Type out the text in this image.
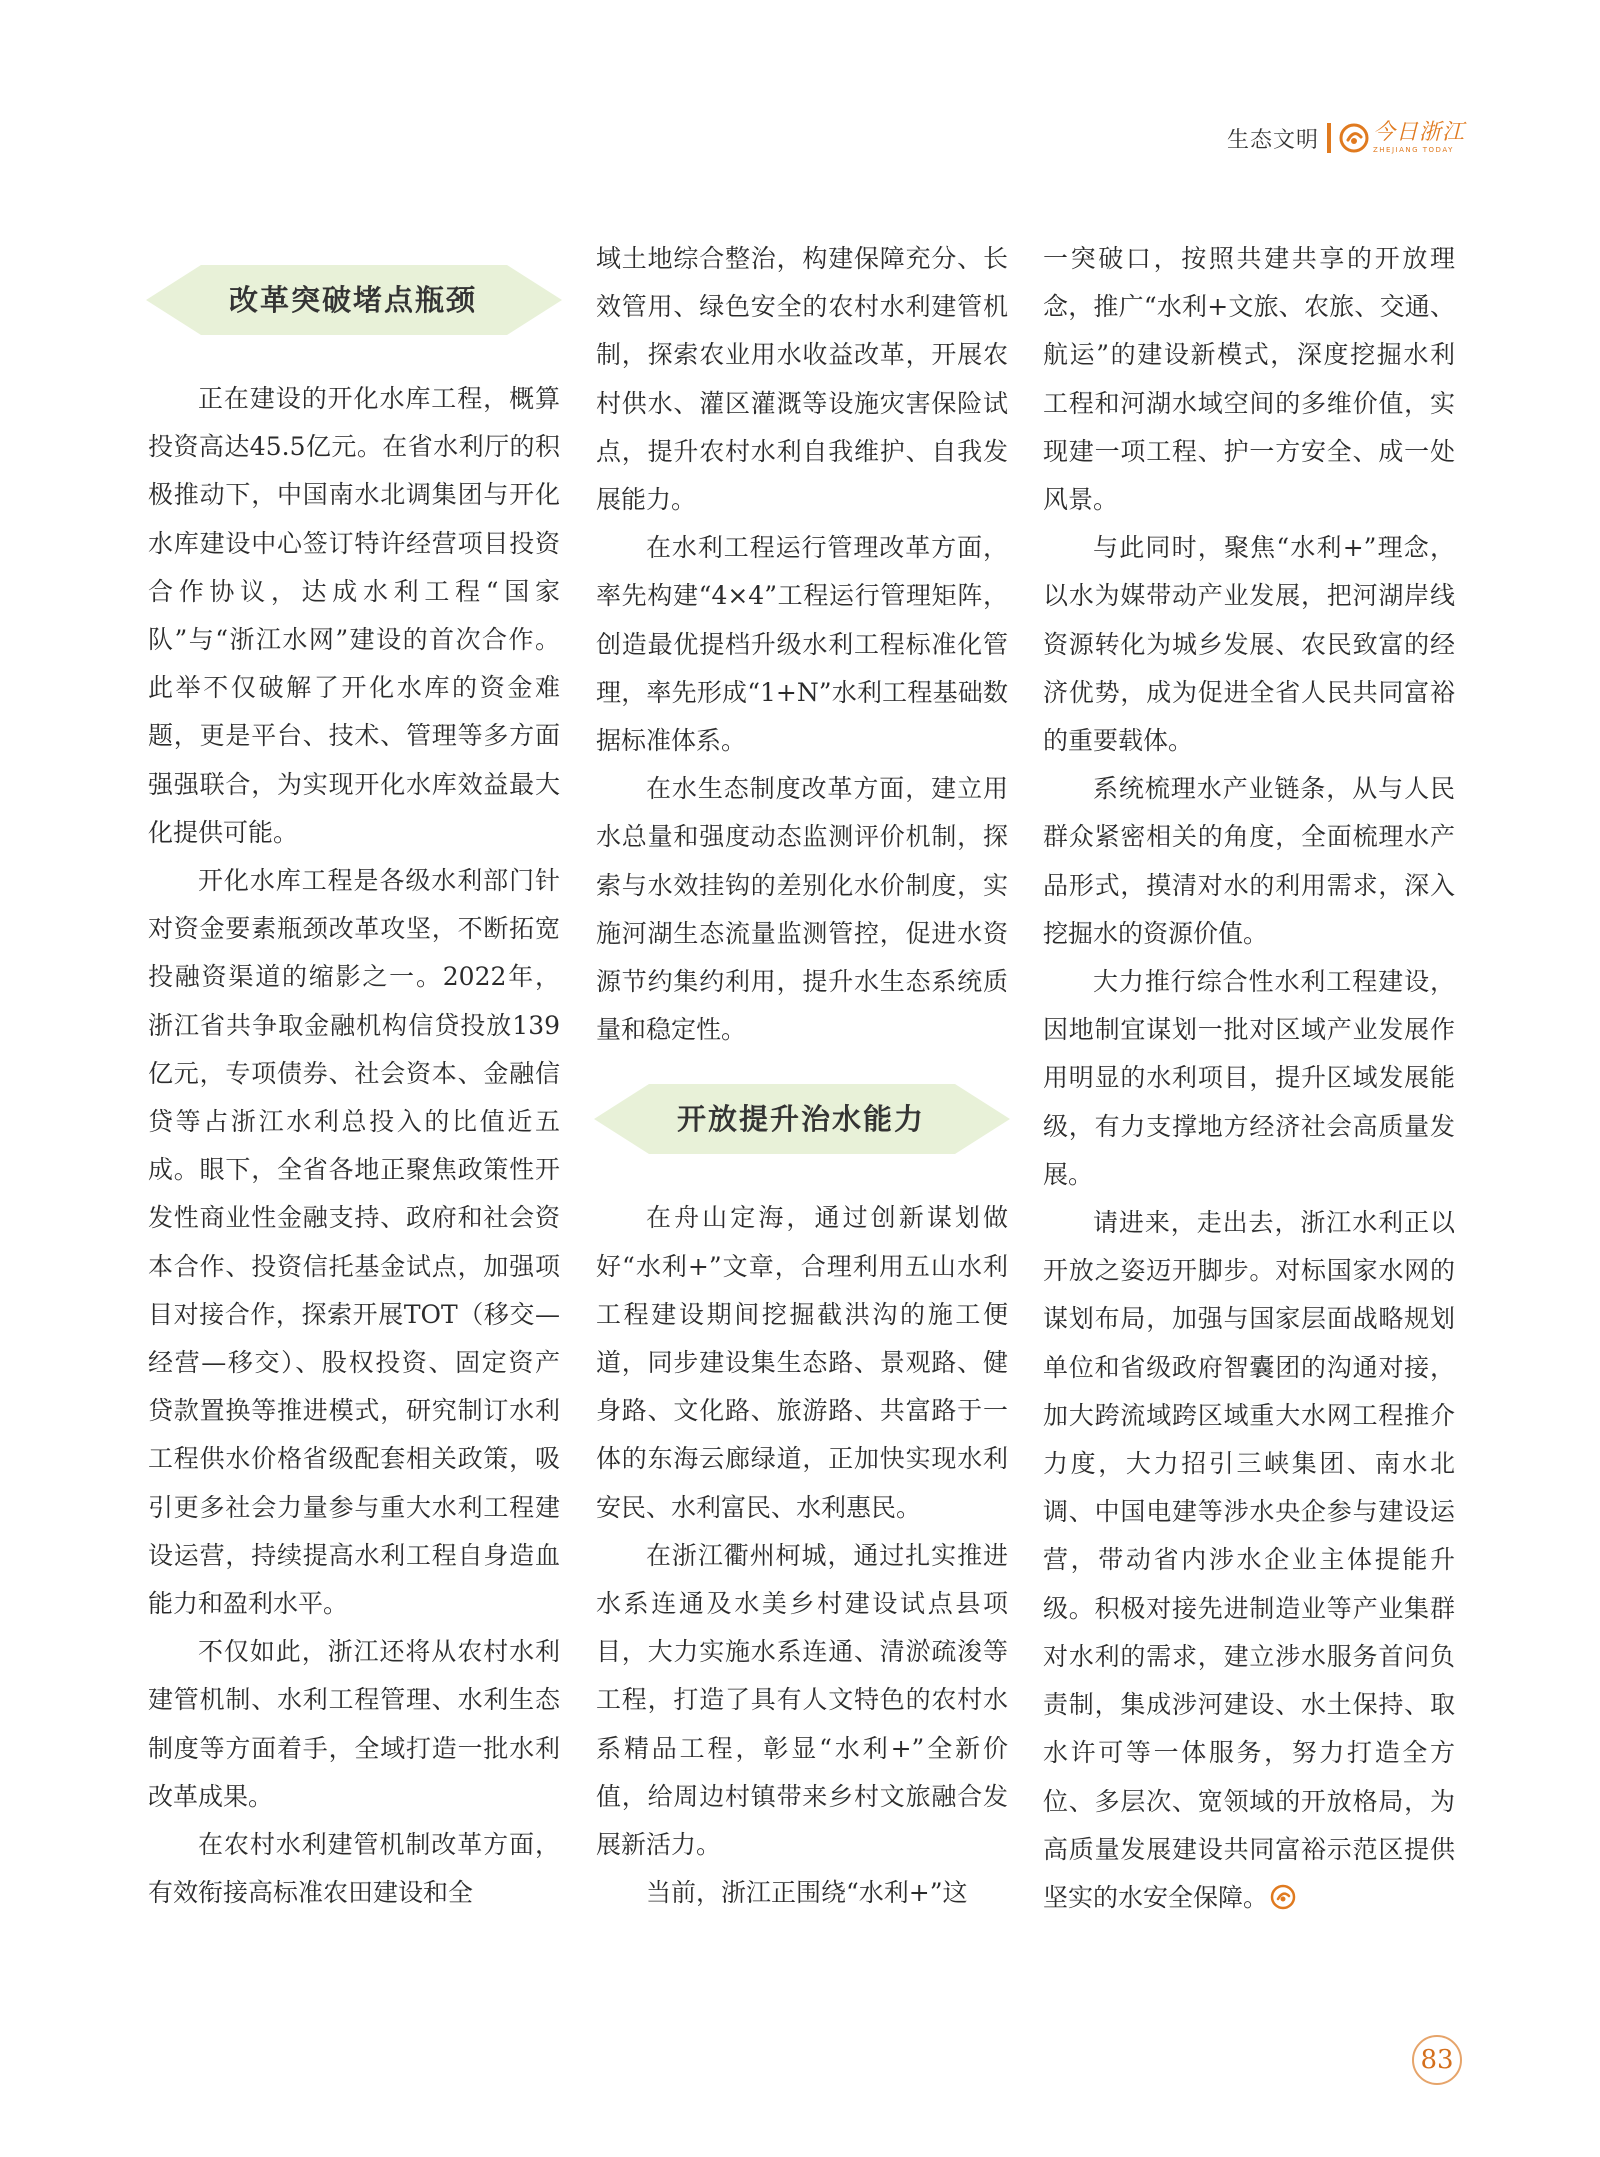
生态文明 今日浙江
ZHEJIANG TODAY
改革突破堵点瓶颈

正在建设的开化水库工程，概算投资高达45.5亿元。在省水利厅的积极推动下，中国南水北调集团与开化水库建设中心签订特许经营项目投资合作协议，达成水利工程“国家队”与“浙江水网”建设的首次合作。此举不仅破解了开化水库的资金难题，更是平台、技术、管理等多方面强强联合，为实现开化水库效益最大化提供可能。

开化水库工程是各级水利部门针对资金要素瓶颈改革攻坚，不断拓宽投融资渠道的缩影之一。2022年，浙江省共争取金融机构信贷投放139亿元，专项债券、社会资本、金融信贷等占浙江水利总投入的比值近五成。眼下，全省各地正聚焦政策性开发性商业性金融支持、政府和社会资本合作、投资信托基金试点，加强项目对接合作，探索开展TOT（移交—经营—移交）、股权投资、固定资产贷款置换等推进模式，研究制订水利工程供水价格省级配套相关政策，吸引更多社会力量参与重大水利工程建设运营，持续提高水利工程自身造血能力和盈利水平。

不仅如此，浙江还将从农村水利建管机制、水利工程管理、水利生态制度等方面着手，全域打造一批水利改革成果。

在农村水利建管机制改革方面，有效衔接高标准农田建设和全

域土地综合整治，构建保障充分、长效管用、绿色安全的农村水利建管机制，探索农业用水收益改革，开展农村供水、灌区灌溉等设施灾害保险试点，提升农村水利自我维护、自我发展能力。

在水利工程运行管理改革方面，率先构建“4×4”工程运行管理矩阵，创造最优提档升级水利工程标准化管理，率先形成“1+N”水利工程基础数据标准体系。

在水生态制度改革方面，建立用水总量和强度动态监测评价机制，探索与水效挂钩的差别化水价制度，实施河湖生态流量监测管控，促进水资源节约集约利用，提升水生态系统质量和稳定性。

开放提升治水能力

在舟山定海，通过创新谋划做好“水利+”文章，合理利用五山水利工程建设期间挖掘截洪沟的施工便道，同步建设集生态路、景观路、健身路、文化路、旅游路、共富路于一体的东海云廊绿道，正加快实现水利安民、水利富民、水利惠民。

在浙江衢州柯城，通过扎实推进水系连通及水美乡村建设试点县项目，大力实施水系连通、清淤疏浚等工程，打造了具有人文特色的农村水系精品工程，彰显“水利+”全新价值，给周边村镇带来乡村文旅融合发展新活力。

当前，浙江正围绕“水利+”这

一突破口，按照共建共享的开放理念，推广“水利+文旅、农旅、交通、航运”的建设新模式，深度挖掘水利工程和河湖水域空间的多维价值，实现建一项工程、护一方安全、成一处风景。

与此同时，聚焦“水利+”理念，以水为媒带动产业发展，把河湖岸线资源转化为城乡发展、农民致富的经济优势，成为促进全省人民共同富裕的重要载体。

系统梳理水产业链条，从与人民群众紧密相关的角度，全面梳理水产品形式，摸清对水的利用需求，深入挖掘水的资源价值。

大力推行综合性水利工程建设，因地制宜谋划一批对区域产业发展作用明显的水利项目，提升区域发展能级，有力支撑地方经济社会高质量发展。

请进来，走出去，浙江水利正以开放之姿迈开脚步。对标国家水网的谋划布局，加强与国家层面战略规划单位和省级政府智囊团的沟通对接，加大跨流域跨区域重大水网工程推介力度，大力招引三峡集团、南水北调、中国电建等涉水央企参与建设运营，带动省内涉水企业主体提能升级。积极对接先进制造业等产业集群对水利的需求，建立涉水服务首问负责制，集成涉河建设、水土保持、取水许可等一体服务，努力打造全方位、多层次、宽领域的开放格局，为高质量发展建设共同富裕示范区提供坚实的水安全保障。

83
